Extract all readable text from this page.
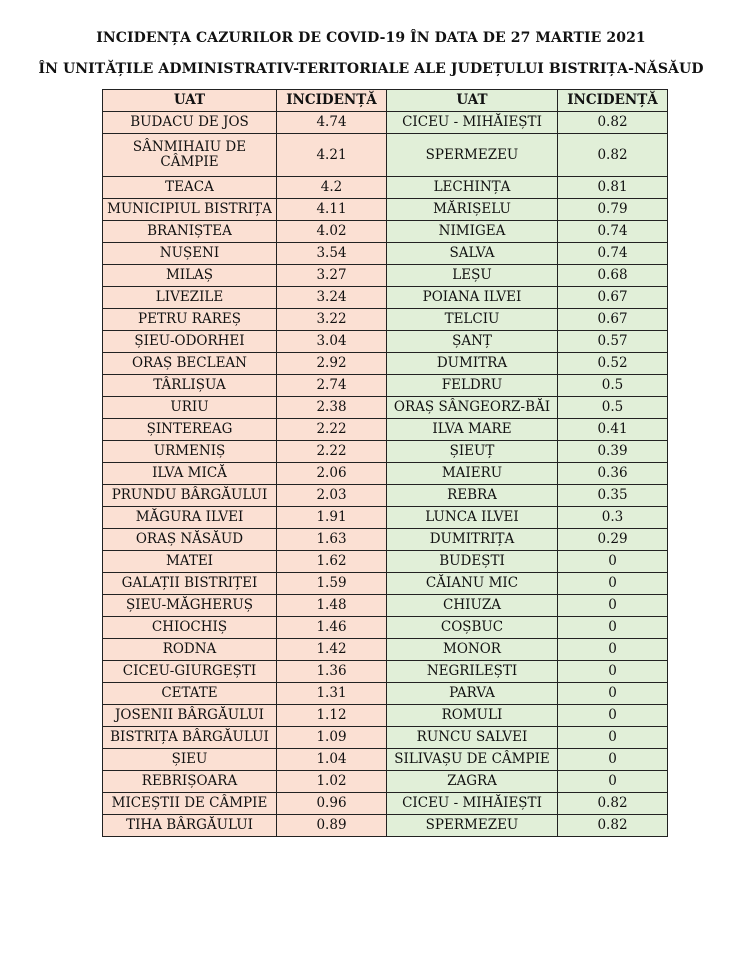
INCIDENȚA CAZURILOR DE COVID-19 ÎN DATA DE 27 MARTIE 2021
ÎN UNITĂȚILE ADMINISTRATIV-TERITORIALE ALE JUDEȚULUI BISTRIȚA-NĂSĂUD
UAT	INCIDENȚĂ	UAT	INCIDENȚĂ
BUDACU DE JOS	4.74	CICEU - MIHĂIEȘTI	0.82
SÂNMIHAIU DE CÂMPIE	4.21	SPERMEZEU	0.82
TEACA	4.2	LECHINȚA	0.81
MUNICIPIUL BISTRIȚA	4.11	MĂRIȘELU	0.79
BRANIȘTEA	4.02	NIMIGEA	0.74
NUȘENI	3.54	SALVA	0.74
MILAȘ	3.27	LEȘU	0.68
LIVEZILE	3.24	POIANA ILVEI	0.67
PETRU RAREȘ	3.22	TELCIU	0.67
ȘIEU-ODORHEI	3.04	ȘANȚ	0.57
ORAȘ BECLEAN	2.92	DUMITRA	0.52
TÂRLIȘUA	2.74	FELDRU	0.5
URIU	2.38	ORAȘ SÂNGEORZ-BĂI	0.5
ȘINTEREAG	2.22	ILVA MARE	0.41
URMENIȘ	2.22	ȘIEUȚ	0.39
ILVA MICĂ	2.06	MAIERU	0.36
PRUNDU BÂRGĂULUI	2.03	REBRA	0.35
MĂGURA ILVEI	1.91	LUNCA ILVEI	0.3
ORAȘ NĂSĂUD	1.63	DUMITRIȚA	0.29
MATEI	1.62	BUDEȘTI	0
GALAȚII BISTRIȚEI	1.59	CĂIANU MIC	0
ȘIEU-MĂGHERUȘ	1.48	CHIUZA	0
CHIOCHIȘ	1.46	COȘBUC	0
RODNA	1.42	MONOR	0
CICEU-GIURGEȘTI	1.36	NEGRILEȘTI	0
CETATE	1.31	PARVA	0
JOSENII BÂRGĂULUI	1.12	ROMULI	0
BISTRIȚA BÂRGĂULUI	1.09	RUNCU SALVEI	0
ȘIEU	1.04	SILIVAȘU DE CÂMPIE	0
REBRIȘOARA	1.02	ZAGRA	0
MICEȘTII DE CÂMPIE	0.96	CICEU - MIHĂIEȘTI	0.82
TIHA BÂRGĂULUI	0.89	SPERMEZEU	0.82
